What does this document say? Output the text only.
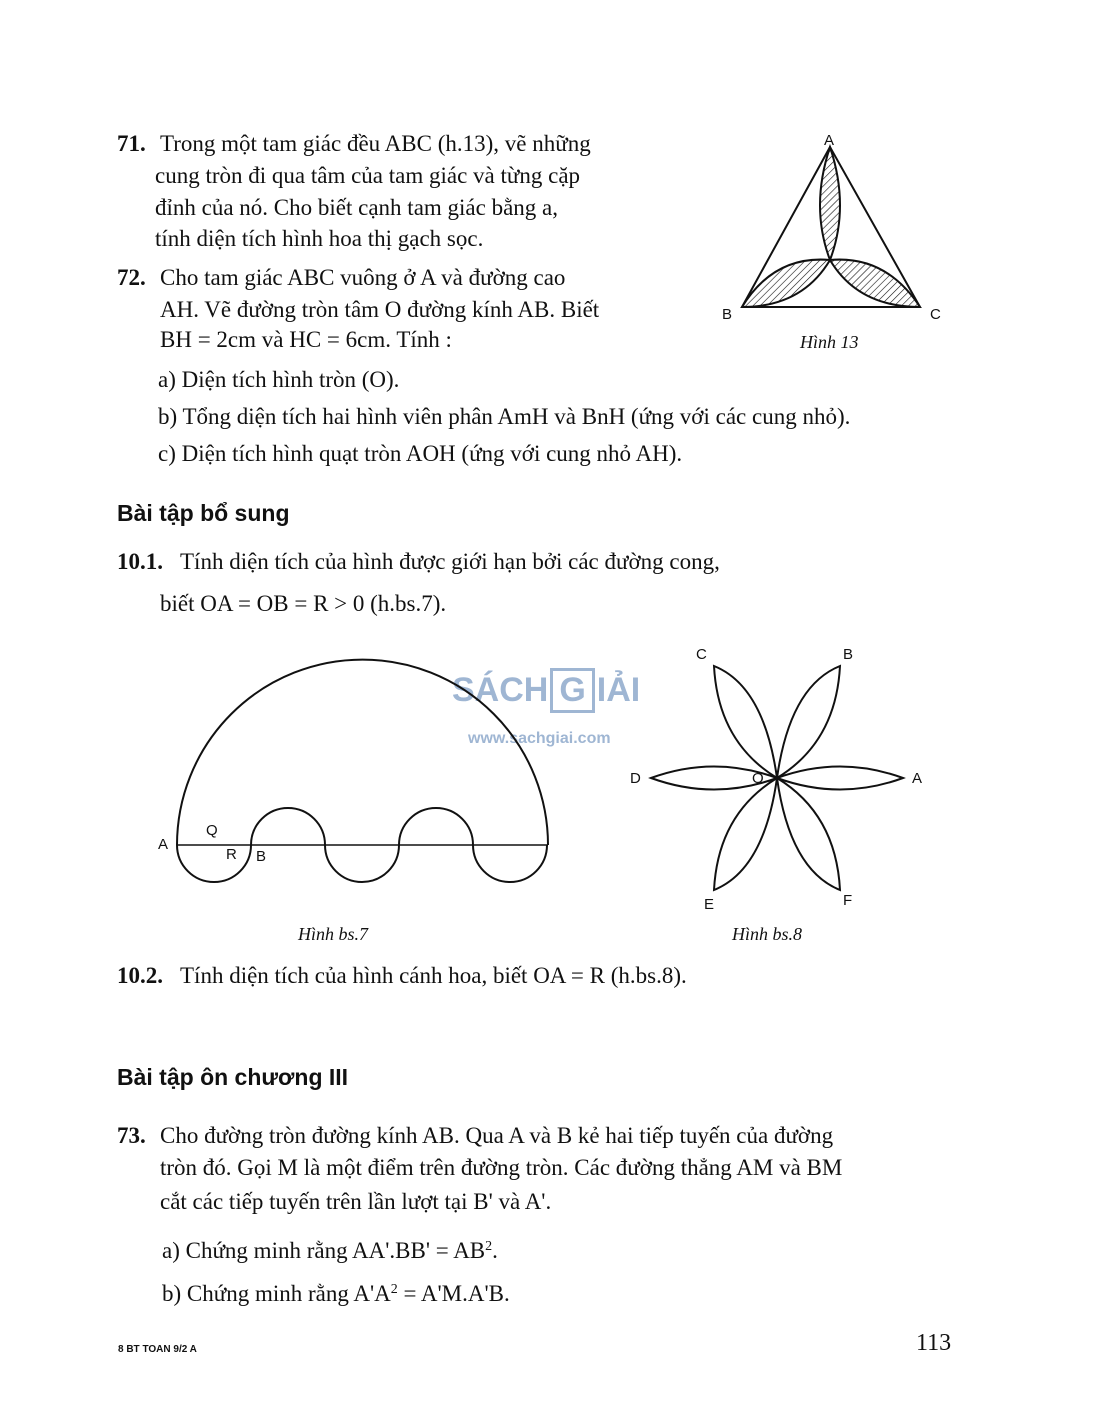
71. Trong một tam giác đều ABC (h.13), vẽ những
cung tròn đi qua tâm của tam giác và từng cặp
đỉnh của nó. Cho biết cạnh tam giác bằng a,
tính diện tích hình hoa thị gạch sọc.
72. Cho tam giác ABC vuông ở A và đường cao
AH. Vẽ đường tròn tâm O đường kính AB. Biết
BH = 2cm và HC = 6cm. Tính :
a) Diện tích hình tròn (O).
b) Tổng diện tích hai hình viên phân AmH và BnH (ứng với các cung nhỏ).
c) Diện tích hình quạt tròn AOH (ứng với cung nhỏ AH).
A
B	C
Hình 13
Bài tập bổ sung
10.1. Tính diện tích của hình được giới hạn bởi các đường cong,
biết OA = OB = R > 0 (h.bs.7).
SÁCH G IẢI
www.sachgiai.com
A
Q
R B
Hình bs.7
C	B
D	O	A
E	F
Hình bs.8
10.2. Tính diện tích của hình cánh hoa, biết OA = R (h.bs.8).
Bài tập ôn chương III
73. Cho đường tròn đường kính AB. Qua A và B kẻ hai tiếp tuyến của đường
tròn đó. Gọi M là một điểm trên đường tròn. Các đường thẳng AM và BM
cắt các tiếp tuyến trên lần lượt tại B' và A'.
a) Chứng minh rằng $AA'.BB' = AB^2$.
b) Chứng minh rằng $A'A^2 = A'M.A'B$.
8 BT TOAN 9/2 A	113
